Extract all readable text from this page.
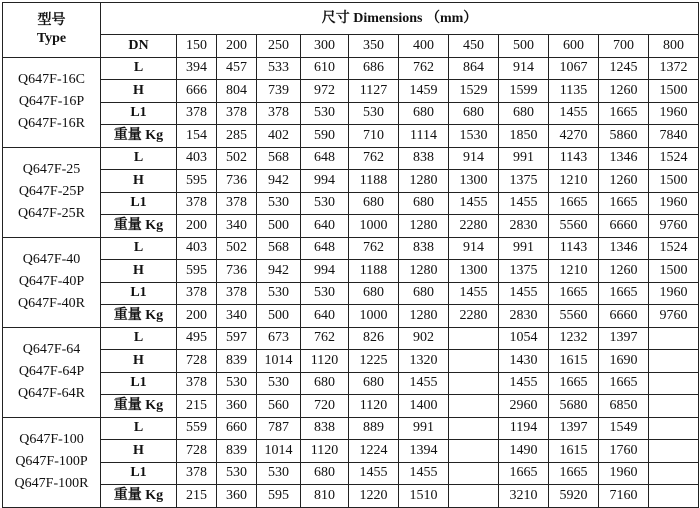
型号
Type	尺寸 Dimensions （mm）											
	DN	150	200	250	300	350	400	450	500	600	700	800

Q647F-16C
Q647F-16P
Q647F-16R	L	394	457	533	610	686	762	864	914	1067	1245	1372
	H	666	804	739	972	1127	1459	1529	1599	1135	1260	1500
	L1	378	378	378	530	530	680	680	680	1455	1665	1960
	重量 Kg	154	285	402	590	710	1114	1530	1850	4270	5860	7840

Q647F-25
Q647F-25P
Q647F-25R	L	403	502	568	648	762	838	914	991	1143	1346	1524
	H	595	736	942	994	1188	1280	1300	1375	1210	1260	1500
	L1	378	378	530	530	680	680	1455	1455	1665	1665	1960
	重量 Kg	200	340	500	640	1000	1280	2280	2830	5560	6660	9760

Q647F-40
Q647F-40P
Q647F-40R	L	403	502	568	648	762	838	914	991	1143	1346	1524
	H	595	736	942	994	1188	1280	1300	1375	1210	1260	1500
	L1	378	378	530	530	680	680	1455	1455	1665	1665	1960
	重量 Kg	200	340	500	640	1000	1280	2280	2830	5560	6660	9760

Q647F-64
Q647F-64P
Q647F-64R	L	495	597	673	762	826	902		1054	1232	1397	
	H	728	839	1014	1120	1225	1320		1430	1615	1690	
	L1	378	530	530	680	680	1455		1455	1665	1665	
	重量 Kg	215	360	560	720	1120	1400		2960	5680	6850	

Q647F-100
Q647F-100P
Q647F-100R	L	559	660	787	838	889	991		1194	1397	1549	
	H	728	839	1014	1120	1224	1394		1490	1615	1760	
	L1	378	530	530	680	1455	1455		1665	1665	1960	
	重量 Kg	215	360	595	810	1220	1510		3210	5920	7160	
